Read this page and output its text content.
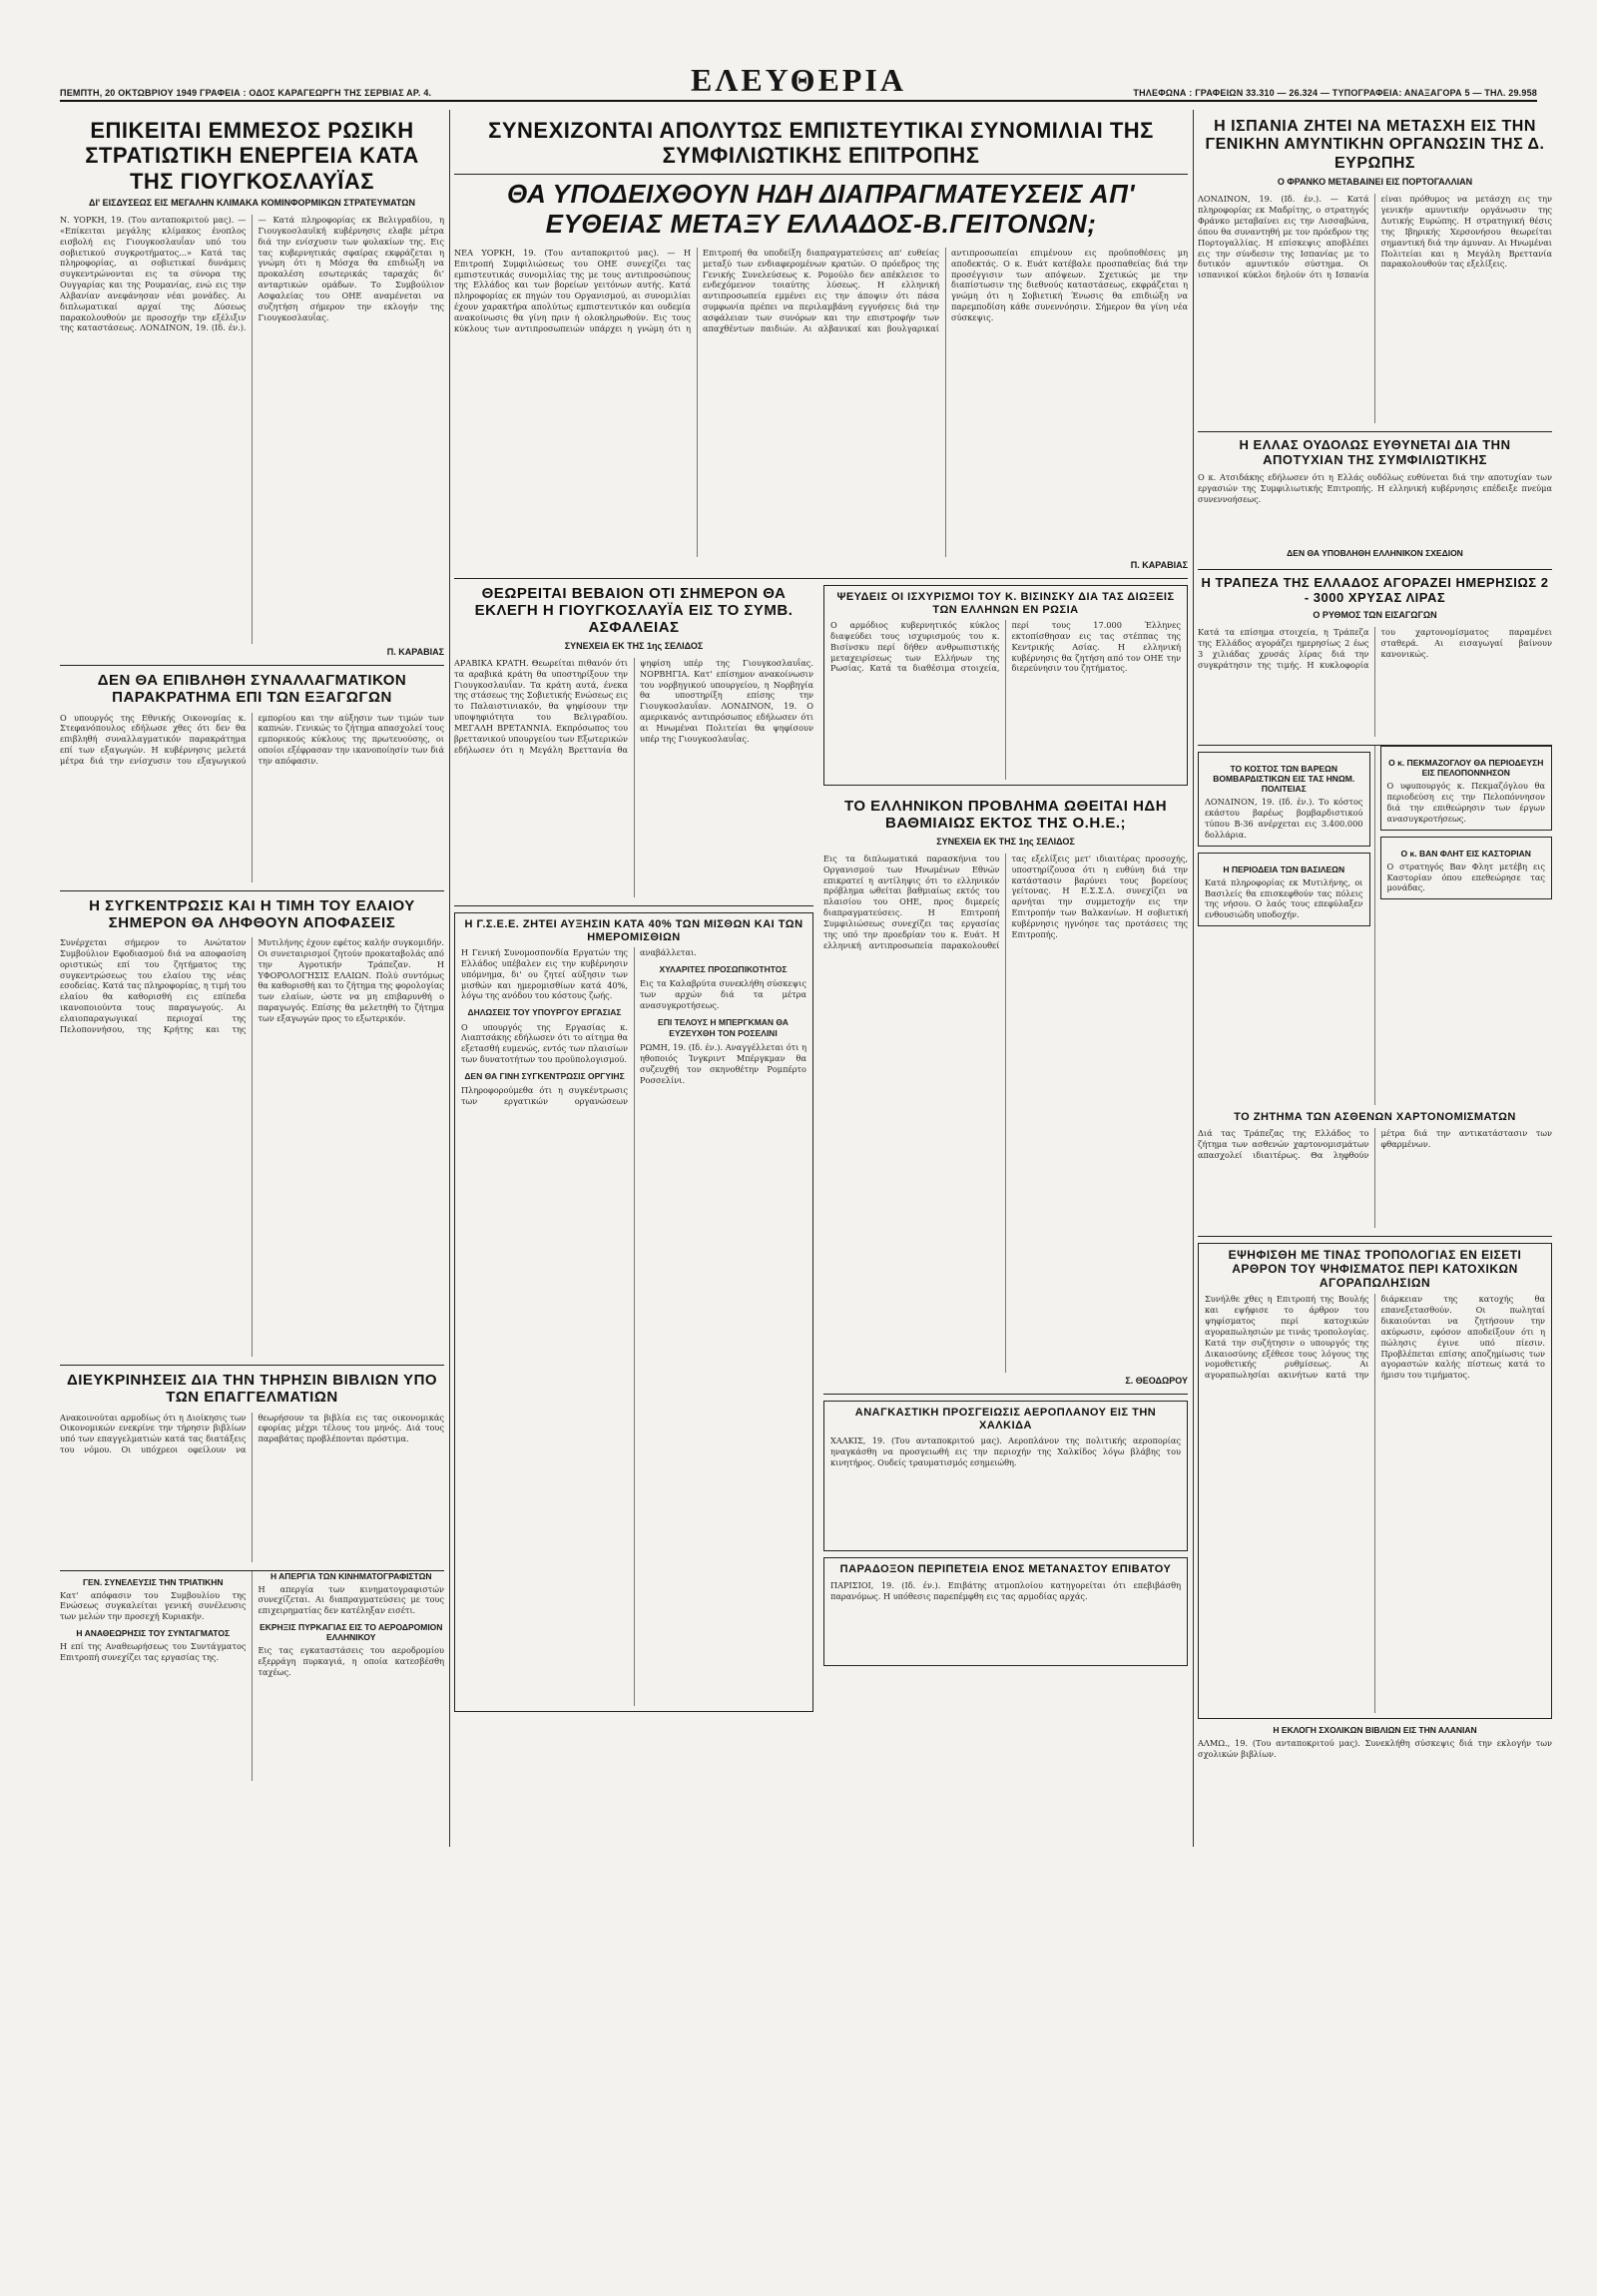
ΠΕΜΠΤΗ, 20 ΟΚΤΩΒΡΙΟΥ 1949 ΓΡΑΦΕΙΑ : ΟΔΟΣ ΚΑΡΑΓΕΩΡΓΗ ΤΗΣ ΣΕΡΒΙΑΣ ΑΡ. 4.	ΕΛΕΥΘΕΡΙΑ	ΤΗΛΕΦΩΝΑ : ΓΡΑΦΕΙΩΝ 33.310 — 26.324 — ΤΥΠΟΓΡΑΦΕΙΑ: ΑΝΑΞΑΓΟΡΑ 5 — ΤΗΛ. 29.958
ΕΠΙΚΕΙΤΑΙ ΕΜΜΕΣΟΣ ΡΩΣΙΚΗ ΣΤΡΑΤΙΩΤΙΚΗ ΕΝΕΡΓΕΙΑ ΚΑΤΑ ΤΗΣ ΓΙΟΥΓΚΟΣΛΑΥΪΑΣ
ΔΙ' ΕΙΣΔΥΣΕΩΣ ΕΙΣ ΜΕΓΑΛΗΝ ΚΛΙΜΑΚΑ ΚΟΜΙΝΦΟΡΜΙΚΩΝ ΣΤΡΑΤΕΥΜΑΤΩΝ
Ν. ΥΟΡΚΗ, 19. (Του ανταποκριτού μας). — «Επίκειται μεγάλης κλίμακος ένοπλος εισβολή εις Γιουγκοσλαυΐαν υπό του σοβιετικού συγκροτήματος...» Κατά τας πληροφορίας, αι σοβιετικαί δυνάμεις συγκεντρώνονται εις τα σύνορα της Ουγγαρίας και της Ρουμανίας, ενώ εις την Αλβανίαν ανεφάνησαν νέαι μονάδες. Αι διπλωματικαί αρχαί της Δύσεως παρακολουθούν με προσοχήν την εξέλιξιν της καταστάσεως. ΛΟΝΔΙΝΟΝ, 19. (Ιδ. έν.). — Κατά πληροφορίας εκ Βελιγραδίου, η Γιουγκοσλαυϊκή κυβέρνησις ελαβε μέτρα διά την ενίσχυσιν των φυλακίων της. Εις τας κυβερνητικάς σφαίρας εκφράζεται η γνώμη ότι η Μόσχα θα επιδιώξη να προκαλέση εσωτερικάς ταραχάς δι' ανταρτικών ομάδων. Το Συμβούλιον Ασφαλείας του ΟΗΕ αναμένεται να συζητήση σήμερον την εκλογήν της Γιουγκοσλαυΐας.
Π. ΚΑΡΑΒΙΑΣ
ΔΕΝ ΘΑ ΕΠΙΒΛΗΘΗ ΣΥΝΑΛΛΑΓΜΑΤΙΚΟΝ ΠΑΡΑΚΡΑΤΗΜΑ ΕΠΙ ΤΩΝ ΕΞΑΓΩΓΩΝ
Ο υπουργός της Εθνικής Οικονομίας κ. Στεφανόπουλος εδήλωσε χθες ότι δεν θα επιβληθή συναλλαγματικόν παρακράτημα επί των εξαγωγών. Η κυβέρνησις μελετά μέτρα διά την ενίσχυσιν του εξαγωγικού εμπορίου και την αύξησιν των τιμών των καπνών. Γενικώς το ζήτημα απασχολεί τους εμπορικούς κύκλους της πρωτευούσης, οι οποίοι εξέφρασαν την ικανοποίησίν των διά την απόφασιν.
Η ΣΥΓΚΕΝΤΡΩΣΙΣ ΚΑΙ Η ΤΙΜΗ ΤΟΥ ΕΛΑΙΟΥ ΣΗΜΕΡΟΝ ΘΑ ΛΗΦΘΟΥΝ ΑΠΟΦΑΣΕΙΣ
Συνέρχεται σήμερον το Ανώτατον Συμβούλιον Εφοδιασμού διά να αποφασίση οριστικώς επί του ζητήματος της συγκεντρώσεως του ελαίου της νέας εσοδείας. Κατά τας πληροφορίας, η τιμή του ελαίου θα καθορισθή εις επίπεδα ικανοποιούντα τους παραγωγούς. Αι ελαιοπαραγωγικαί περιοχαί της Πελοποννήσου, της Κρήτης και της Μυτιλήνης έχουν εφέτος καλήν συγκομιδήν. Οι συνεταιρισμοί ζητούν προκαταβολάς από την Αγροτικήν Τράπεζαν. Η ΥΦΟΡΟΛΟΓΗΣΙΣ ΕΛΑΙΩΝ. Πολύ συντόμως θα καθορισθή και το ζήτημα της φορολογίας των ελαίων, ώστε να μη επιβαρυνθή ο παραγωγός. Επίσης θα μελετηθή το ζήτημα των εξαγωγών προς το εξωτερικόν.
ΔΙΕΥΚΡΙΝΗΣΕΙΣ ΔΙΑ ΤΗΝ ΤΗΡΗΣΙΝ ΒΙΒΛΙΩΝ ΥΠΟ ΤΩΝ ΕΠΑΓΓΕΛΜΑΤΙΩΝ
Ανακοινούται αρμοδίως ότι η Διοίκησις των Οικονομικών ενεκρίνε την τήρησιν βιβλίων υπό των επαγγελματιών κατά τας διατάξεις του νόμου. Οι υπόχρεοι οφείλουν να θεωρήσουν τα βιβλία εις τας οικονομικάς εφορίας μέχρι τέλους του μηνός. Διά τους παραβάτας προβλέπονται πρόστιμα.
ΓΕΝ. ΣΥΝΕΛΕΥΣΙΣ ΤΗΝ ΤΡΙΑΤΙΚΗΝ
Κατ' απόφασιν του Συμβουλίου της Ενώσεως συγκαλείται γενική συνέλευσις των μελών την προσεχή Κυριακήν.
Η ΑΝΑΘΕΩΡΗΣΙΣ ΤΟΥ ΣΥΝΤΑΓΜΑΤΟΣ
Η επί της Αναθεωρήσεως του Συντάγματος Επιτροπή συνεχίζει τας εργασίας της.
Η ΑΠΕΡΓΙΑ ΤΩΝ ΚΙΝΗΜΑΤΟΓΡΑΦΙΣΤΩΝ
Η απεργία των κινηματογραφιστών συνεχίζεται. Αι διαπραγματεύσεις με τους επιχειρηματίας δεν κατέληξαν εισέτι.
ΕΚΡΗΞΙΣ ΠΥΡΚΑΓΙΑΣ ΕΙΣ ΤΟ ΑΕΡΟΔΡΟΜΙΟΝ ΕΛΛΗΝΙΚΟΥ
Εις τας εγκαταστάσεις του αεροδρομίου εξερράγη πυρκαγιά, η οποία κατεσβέσθη ταχέως.
ΣΥΝΕΧΙΖΟΝΤΑΙ ΑΠΟΛΥΤΩΣ ΕΜΠΙΣΤΕΥΤΙΚΑΙ ΣΥΝΟΜΙΛΙΑΙ ΤΗΣ ΣΥΜΦΙΛΙΩΤΙΚΗΣ ΕΠΙΤΡΟΠΗΣ
ΘΑ ΥΠΟΔΕΙΧΘΟΥΝ ΗΔΗ ΔΙΑΠΡΑΓΜΑΤΕΥΣΕΙΣ ΑΠ' ΕΥΘΕΙΑΣ ΜΕΤΑΞΥ ΕΛΛΑΔΟΣ-Β.ΓΕΙΤΟΝΩΝ;
ΝΕΑ ΥΟΡΚΗ, 19. (Του ανταποκριτού μας). — Η Επιτροπή Συμφιλιώσεως του ΟΗΕ συνεχίζει τας εμπιστευτικάς συνομιλίας της με τους αντιπροσώπους της Ελλάδος και των βορείων γειτόνων αυτής. Κατά πληροφορίας εκ πηγών του Οργανισμού, αι συνομιλίαι έχουν χαρακτήρα απολύτως εμπιστευτικόν και ουδεμία ανακοίνωσις θα γίνη πριν ή ολοκληρωθούν. Εις τους κύκλους των αντιπροσωπειών υπάρχει η γνώμη ότι η Επιτροπή θα υποδείξη διαπραγματεύσεις απ' ευθείας μεταξύ των ενδιαφερομένων κρατών. Ο πρόεδρος της Γενικής Συνελεύσεως κ. Ρομούλο δεν απέκλεισε το ενδεχόμενον τοιαύτης λύσεως. Η ελληνική αντιπροσωπεία εμμένει εις την άποψιν ότι πάσα συμφωνία πρέπει να περιλαμβάνη εγγυήσεις διά την ασφάλειαν των συνόρων και την επιστροφήν των απαχθέντων παιδιών. Αι αλβανικαί και βουλγαρικαί αντιπροσωπείαι επιμένουν εις προϋποθέσεις μη αποδεκτάς. Ο κ. Ευάτ κατέβαλε προσπαθείας διά την προσέγγισιν των απόψεων. Σχετικώς με την διαπίστωσιν της διεθνούς καταστάσεως, εκφράζεται η γνώμη ότι η Σοβιετική Ένωσις θα επιδιώξη να παρεμποδίση κάθε συνεννόησιν. Σήμερον θα γίνη νέα σύσκεψις.
Π. ΚΑΡΑΒΙΑΣ
ΘΕΩΡΕΙΤΑΙ ΒΕΒΑΙΟΝ ΟΤΙ ΣΗΜΕΡΟΝ ΘΑ ΕΚΛΕΓΗ Η ΓΙΟΥΓΚΟΣΛΑΥΪΑ ΕΙΣ ΤΟ ΣΥΜΒ. ΑΣΦΑΛΕΙΑΣ
ΣΥΝΕΧΕΙΑ ΕΚ ΤΗΣ 1ης ΣΕΛΙΔΟΣ
ΑΡΑΒΙΚΑ ΚΡΑΤΗ. Θεωρείται πιθανόν ότι τα αραβικά κράτη θα υποστηρίξουν την Γιουγκοσλαυΐαν. Τα κράτη αυτά, ένεκα της στάσεως της Σοβιετικής Ενώσεως εις το Παλαιστινιακόν, θα ψηφίσουν την υποψηφιότητα του Βελιγραδίου. ΜΕΓΑΛΗ ΒΡΕΤΑΝΝΙΑ. Εκπρόσωπος του βρεττανικού υπουργείου των Εξωτερικών εδήλωσεν ότι η Μεγάλη Βρεττανία θα ψηφίση υπέρ της Γιουγκοσλαυΐας. ΝΟΡΒΗΓΙΑ. Κατ' επίσημον ανακοίνωσιν του νορβηγικού υπουργείου, η Νορβηγία θα υποστηρίξη επίσης την Γιουγκοσλαυΐαν. ΛΟΝΔΙΝΟΝ, 19. Ο αμερικανός αντιπρόσωπος εδήλωσεν ότι αι Ηνωμέναι Πολιτείαι θα ψηφίσουν υπέρ της Γιουγκοσλαυΐας.
Η Γ.Σ.Ε.Ε. ΖΗΤΕΙ ΑΥΞΗΣΙΝ ΚΑΤΑ 40% ΤΩΝ ΜΙΣΘΩΝ ΚΑΙ ΤΩΝ ΗΜΕΡΟΜΙΣΘΙΩΝ
Η Γενική Συνομοσπονδία Εργατών της Ελλάδος υπέβαλεν εις την κυβέρνησιν υπόμνημα, δι' ου ζητεί αύξησιν των μισθών και ημερομισθίων κατά 40%, λόγω της ανόδου του κόστους ζωής.
ΔΗΛΩΣΕΙΣ ΤΟΥ ΥΠΟΥΡΓΟΥ ΕΡΓΑΣΙΑΣ
Ο υπουργός της Εργασίας κ. Λιαπτσάκης εδήλωσεν ότι το αίτημα θα εξετασθή ευμενώς, εντός των πλαισίων των δυνατοτήτων του προϋπολογισμού.
ΔΕΝ ΘΑ ΓΙΝΗ ΣΥΓΚΕΝΤΡΩΣΙΣ ΟΡΓΥΙΗΣ
Πληροφορούμεθα ότι η συγκέντρωσις των εργατικών οργανώσεων αναβάλλεται.
ΧΥΛΑΡΙΤΕΣ ΠΡΟΣΩΠΙΚΟΤΗΤΟΣ
Εις τα Καλαβρύτα συνεκλήθη σύσκεψις των αρχών διά τα μέτρα ανασυγκροτήσεως.
ΕΠΙ ΤΕΛΟΥΣ Η ΜΠΕΡΓΚΜΑΝ ΘΑ ΕΥΖΕΥΧΘΗ ΤΟΝ ΡΟΣΕΛΙΝΙ
ΡΩΜΗ, 19. (Ιδ. έν.). Αναγγέλλεται ότι η ηθοποιός Ίνγκριντ Μπέργκμαν θα συζευχθή τον σκηνοθέτην Ρομπέρτο Ροσσελίνι.
ΨΕΥΔΕΙΣ ΟΙ ΙΣΧΥΡΙΣΜΟΙ ΤΟΥ Κ. ΒΙΣΙΝΣΚΥ ΔΙΑ ΤΑΣ ΔΙΩΞΕΙΣ ΤΩΝ ΕΛΛΗΝΩΝ ΕΝ ΡΩΣΙΑ
Ο αρμόδιος κυβερνητικός κύκλος διαψεύδει τους ισχυρισμούς του κ. Βισίνσκυ περί δήθεν ανθρωπιστικής μεταχειρίσεως των Ελλήνων της Ρωσίας. Κατά τα διαθέσιμα στοιχεία, περί τους 17.000 Έλληνες εκτοπίσθησαν εις τας στέππας της Κεντρικής Ασίας. Η ελληνική κυβέρνησις θα ζητήση από τον ΟΗΕ την διερεύνησιν του ζητήματος.
ΤΟ ΕΛΛΗΝΙΚΟΝ ΠΡΟΒΛΗΜΑ ΩΘΕΙΤΑΙ ΗΔΗ ΒΑΘΜΙΑΙΩΣ ΕΚΤΟΣ ΤΗΣ Ο.Η.Ε.;
ΣΥΝΕΧΕΙΑ ΕΚ ΤΗΣ 1ης ΣΕΛΙΔΟΣ
Εις τα διπλωματικά παρασκήνια του Οργανισμού των Ηνωμένων Εθνών επικρατεί η αντίληψις ότι το ελληνικόν πρόβλημα ωθείται βαθμιαίως εκτός του πλαισίου του ΟΗΕ, προς διμερείς διαπραγματεύσεις. Η Επιτροπή Συμφιλιώσεως συνεχίζει τας εργασίας της υπό την προεδρίαν του κ. Ευάτ. Η ελληνική αντιπροσωπεία παρακολουθεί τας εξελίξεις μετ' ιδιαιτέρας προσοχής, υποστηρίζουσα ότι η ευθύνη διά την κατάστασιν βαρύνει τους βορείους γείτονας. Η Ε.Σ.Σ.Δ. συνεχίζει να αρνήται την συμμετοχήν εις την Επιτροπήν των Βαλκανίων. Η σοβιετική κυβέρνησις ηγνόησε τας προτάσεις της Επιτροπής.
Σ. ΘΕΟΔΩΡΟΥ
ΑΝΑΓΚΑΣΤΙΚΗ ΠΡΟΣΓΕΙΩΣΙΣ ΑΕΡΟΠΛΑΝΟΥ ΕΙΣ ΤΗΝ ΧΑΛΚΙΔΑ
ΧΑΛΚΙΣ, 19. (Του ανταποκριτού μας). Αεροπλάνον της πολιτικής αεροπορίας ηναγκάσθη να προσγειωθή εις την περιοχήν της Χαλκίδος λόγω βλάβης του κινητήρος. Ουδείς τραυματισμός εσημειώθη.
ΠΑΡΑΔΟΞΟΝ ΠΕΡΙΠΕΤΕΙΑ ΕΝΟΣ ΜΕΤΑΝΑΣΤΟΥ ΕΠΙΒΑΤΟΥ
ΠΑΡΙΣΙΟΙ, 19. (Ιδ. έν.). Επιβάτης ατμοπλοίου κατηγορείται ότι επεβιβάσθη παρανόμως. Η υπόθεσις παρεπέμφθη εις τας αρμοδίας αρχάς.
Η ΙΣΠΑΝΙΑ ΖΗΤΕΙ ΝΑ ΜΕΤΑΣΧΗ ΕΙΣ ΤΗΝ ΓΕΝΙΚΗΝ ΑΜΥΝΤΙΚΗΝ ΟΡΓΑΝΩΣΙΝ ΤΗΣ Δ. ΕΥΡΩΠΗΣ
Ο ΦΡΑΝΚΟ ΜΕΤΑΒΑΙΝΕΙ ΕΙΣ ΠΟΡΤΟΓΑΛΛΙΑΝ
ΛΟΝΔΙΝΟΝ, 19. (Ιδ. έν.). — Κατά πληροφορίας εκ Μαδρίτης, ο στρατηγός Φράνκο μεταβαίνει εις την Λισσαβώνα, όπου θα συναντηθή με τον πρόεδρον της Πορτογαλλίας. Η επίσκεψις αποβλέπει εις την σύνδεσιν της Ισπανίας με το δυτικόν αμυντικόν σύστημα. Οι ισπανικοί κύκλοι δηλούν ότι η Ισπανία είναι πρόθυμος να μετάσχη εις την γενικήν αμυντικήν οργάνωσιν της Δυτικής Ευρώπης. Η στρατηγική θέσις της Ιβηρικής Χερσονήσου θεωρείται σημαντική διά την άμυναν. Αι Ηνωμέναι Πολιτείαι και η Μεγάλη Βρεττανία παρακολουθούν τας εξελίξεις.
Η ΕΛΛΑΣ ΟΥΔΟΛΩΣ ΕΥΘΥΝΕΤΑΙ ΔΙΑ ΤΗΝ ΑΠΟΤΥΧΙΑΝ ΤΗΣ ΣΥΜΦΙΛΙΩΤΙΚΗΣ
Ο κ. Ατσιδάκης εδήλωσεν ότι η Ελλάς ουδόλως ευθύνεται διά την αποτυχίαν των εργασιών της Συμφιλιωτικής Επιτροπής. Η ελληνική κυβέρνησις επέδειξε πνεύμα συνεννοήσεως.
ΔΕΝ ΘΑ ΥΠΟΒΛΗΘΗ ΕΛΛΗΝΙΚΟΝ ΣΧΕΔΙΟΝ
Η ΤΡΑΠΕΖΑ ΤΗΣ ΕΛΛΑΔΟΣ ΑΓΟΡΑΖΕΙ ΗΜΕΡΗΣΙΩΣ 2 - 3000 ΧΡΥΣΑΣ ΛΙΡΑΣ
Ο ΡΥΘΜΟΣ ΤΩΝ ΕΙΣΑΓΩΓΩΝ
Κατά τα επίσημα στοιχεία, η Τράπεζα της Ελλάδος αγοράζει ημερησίως 2 έως 3 χιλιάδας χρυσάς λίρας διά την συγκράτησιν της τιμής. Η κυκλοφορία του χαρτονομίσματος παραμένει σταθερά. Αι εισαγωγαί βαίνουν κανονικώς.
ΤΟ ΚΟΣΤΟΣ ΤΩΝ ΒΑΡΕΩΝ ΒΟΜΒΑΡΔΙΣΤΙΚΩΝ ΕΙΣ ΤΑΣ ΗΝΩΜ. ΠΟΛΙΤΕΙΑΣ
ΛΟΝΔΙΝΟΝ, 19. (Ιδ. έν.). Το κόστος εκάστου βαρέως βομβαρδιστικού τύπου Β-36 ανέρχεται εις 3.400.000 δολλάρια.
Η ΠΕΡΙΟΔΕΙΑ ΤΩΝ ΒΑΣΙΛΕΩΝ
Κατά πληροφορίας εκ Μυτιλήνης, οι Βασιλείς θα επισκεφθούν τας πόλεις της νήσου. Ο λαός τους επεφύλαξεν ενθουσιώδη υποδοχήν.
Ο κ. ΠΕΚΜΑΖΟΓΛΟΥ ΘΑ ΠΕΡΙΟΔΕΥΣΗ ΕΙΣ ΠΕΛΟΠΟΝΝΗΣΟΝ
Ο υφυπουργός κ. Πεκμαζόγλου θα περιοδεύση εις την Πελοπόννησον διά την επιθεώρησιν των έργων ανασυγκροτήσεως.
Ο κ. ΒΑΝ ΦΛΗΤ ΕΙΣ ΚΑΣΤΟΡΙΑΝ
Ο στρατηγός Βαν Φλητ μετέβη εις Καστορίαν όπου επεθεώρησε τας μονάδας.
ΤΟ ΖΗΤΗΜΑ ΤΩΝ ΑΣΘΕΝΩΝ ΧΑΡΤΟΝΟΜΙΣΜΑΤΩΝ
Διά τας Τράπεζας της Ελλάδος το ζήτημα των ασθενών χαρτονομισμάτων απασχολεί ιδιαιτέρως. Θα ληφθούν μέτρα διά την αντικατάστασιν των φθαρμένων.
ΕΨΗΦΙΣΘΗ ΜΕ ΤΙΝΑΣ ΤΡΟΠΟΛΟΓΙΑΣ ΕΝ ΕΙΣΕΤΙ ΑΡΘΡΟΝ ΤΟΥ ΨΗΦΙΣΜΑΤΟΣ ΠΕΡΙ ΚΑΤΟΧΙΚΩΝ ΑΓΟΡΑΠΩΛΗΣΙΩΝ
Συνήλθε χθες η Επιτροπή της Βουλής και εψήφισε το άρθρον του ψηφίσματος περί κατοχικών αγοραπωλησιών με τινάς τροπολογίας. Κατά την συζήτησιν ο υπουργός της Δικαιοσύνης εξέθεσε τους λόγους της νομοθετικής ρυθμίσεως. Αι αγοραπωλησίαι ακινήτων κατά την διάρκειαν της κατοχής θα επανεξετασθούν. Οι πωληταί δικαιούνται να ζητήσουν την ακύρωσιν, εφόσον αποδείξουν ότι η πώλησις έγινε υπό πίεσιν. Προβλέπεται επίσης αποζημίωσις των αγοραστών καλής πίστεως κατά το ήμισυ του τιμήματος.
Η ΕΚΛΟΓΗ ΣΧΟΛΙΚΩΝ ΒΙΒΛΙΩΝ ΕΙΣ ΤΗΝ ΑΛΑΝΙΑΝ
ΑΛΜΩ., 19. (Του ανταποκριτού μας). Συνεκλήθη σύσκεψις διά την εκλογήν των σχολικών βιβλίων.
